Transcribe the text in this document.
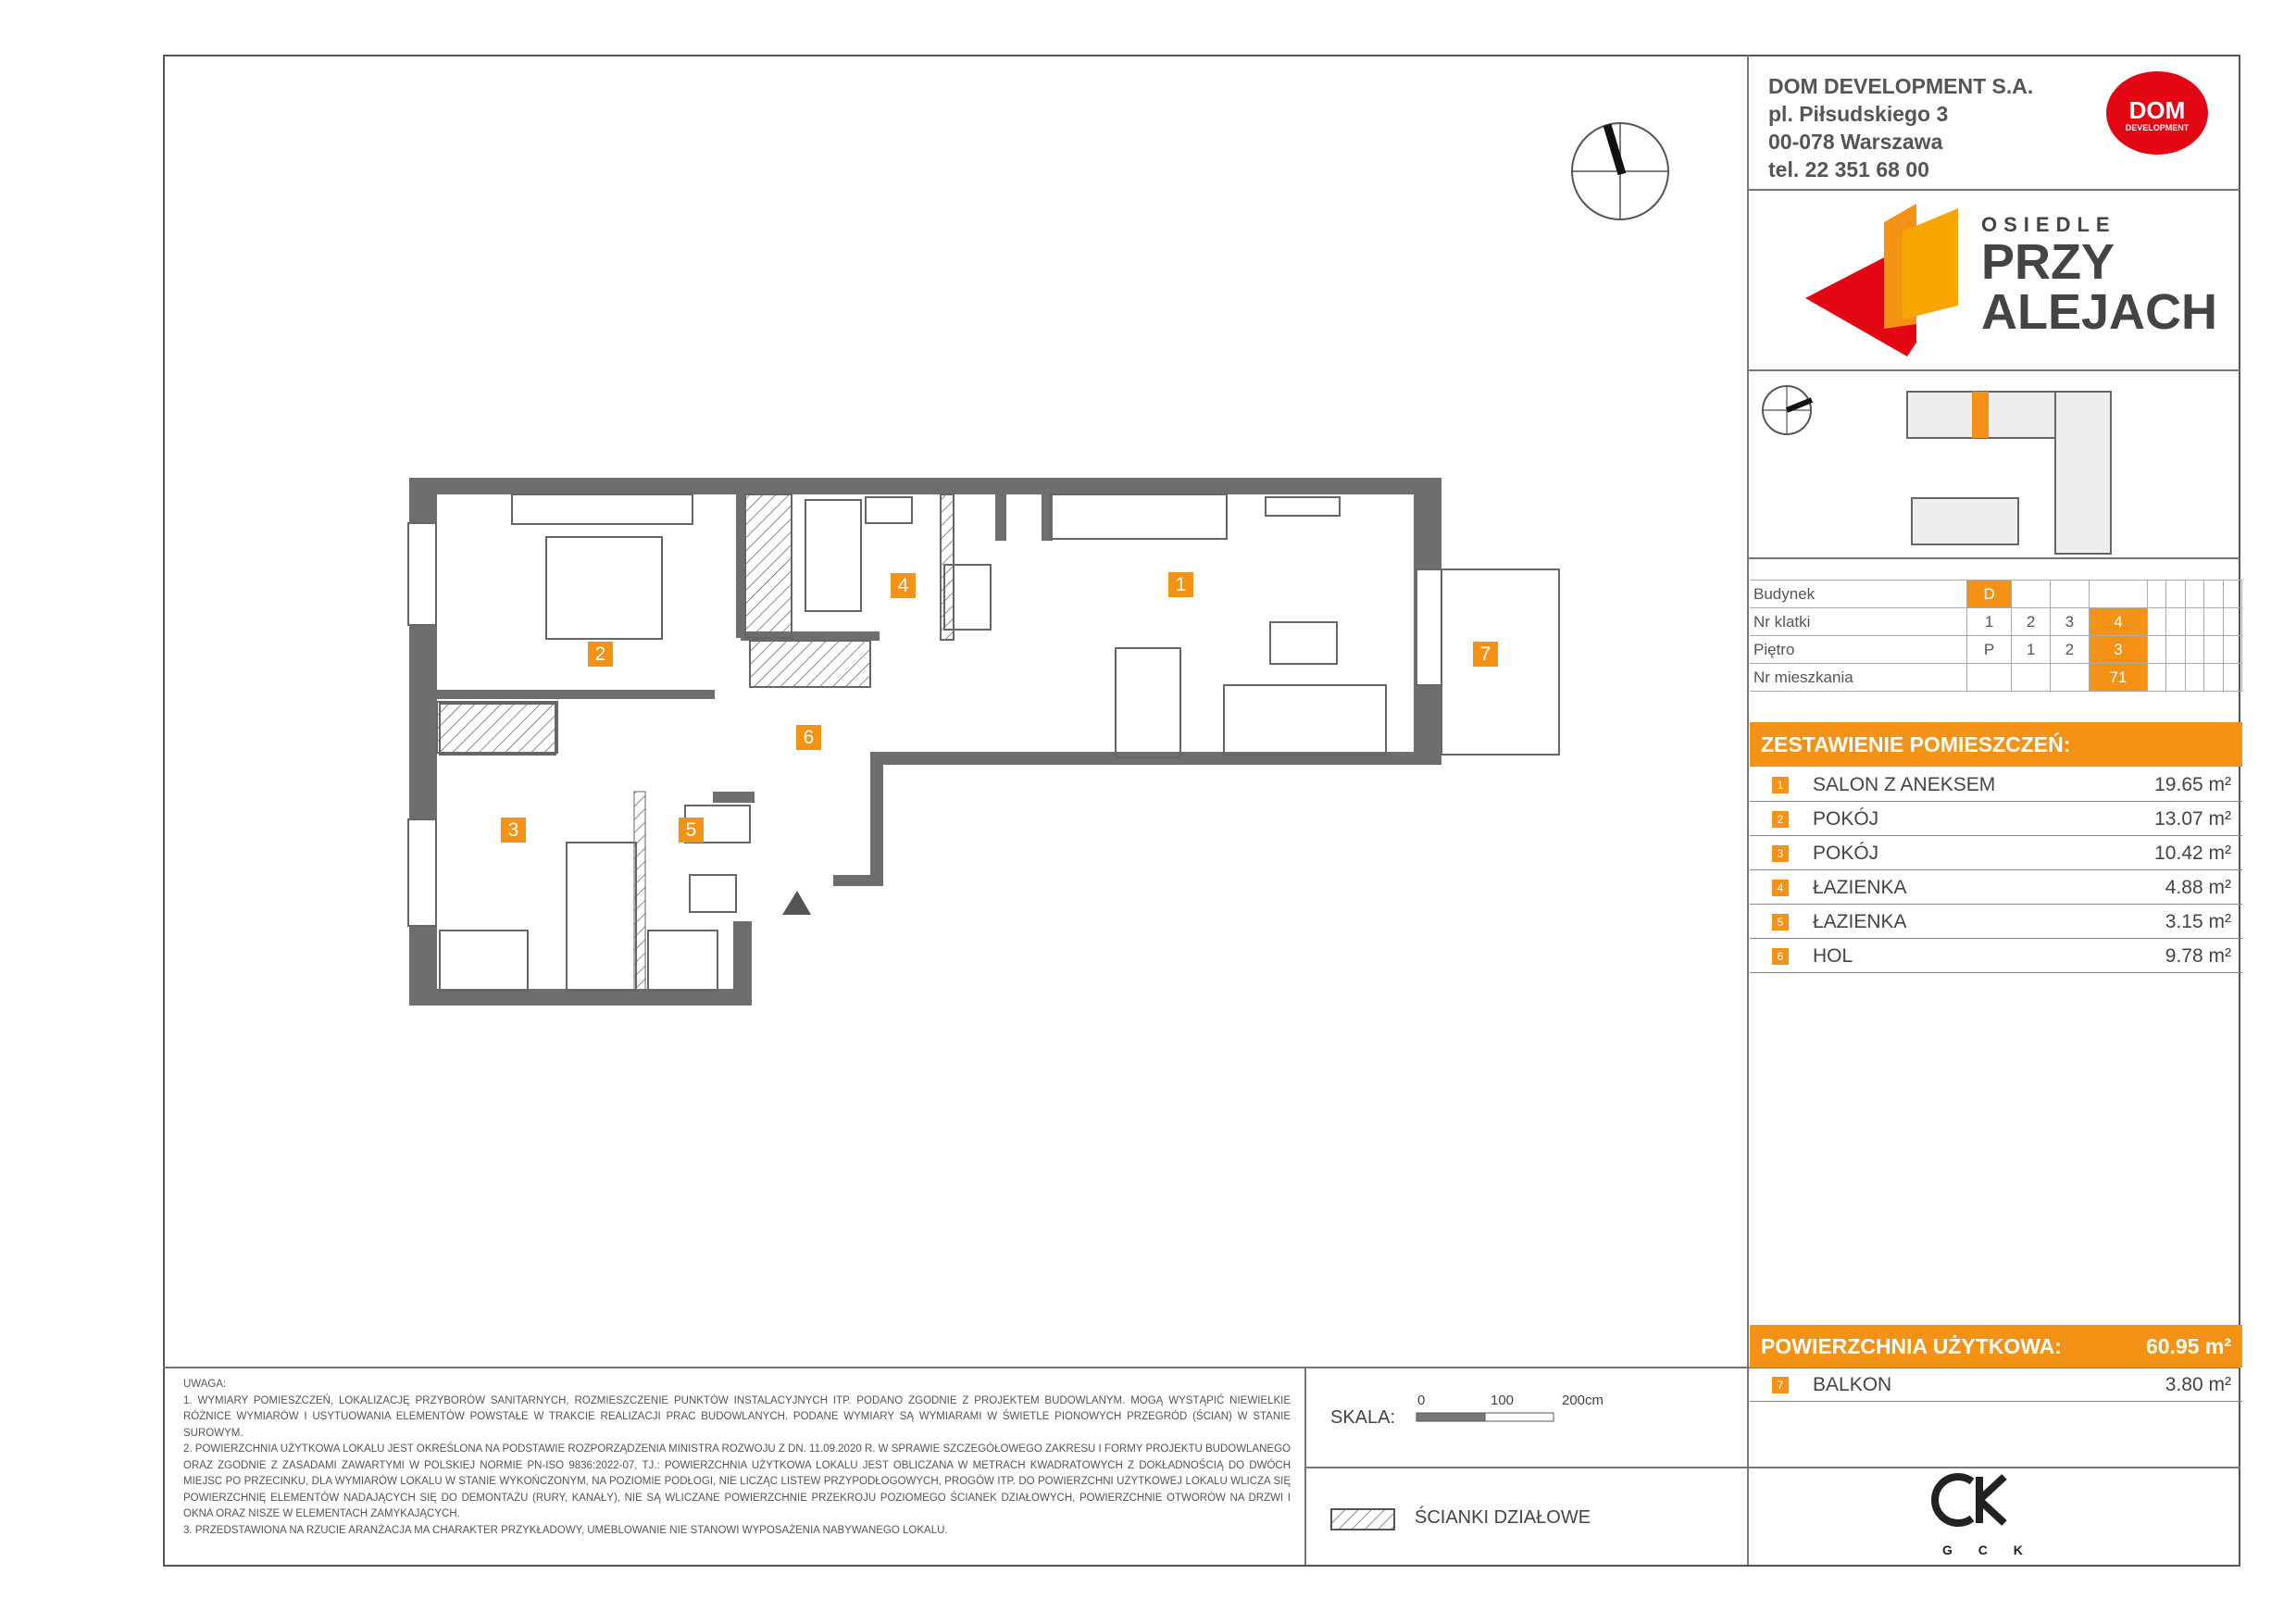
1
2
3
4
5
6
7
DOM DEVELOPMENT S.A.
pl. Piłsudskiego 3
00-078 Warszawa
tel. 22 351 68 00
DOM
DEVELOPMENT
OSIEDLE
PRZY
ALEJACH
Budynek	D								
Nr klatki	1	2	3	4					
Piętro	P	1	2	3					
Nr mieszkania				71					
ZESTAWIENIE POMIESZCZEŃ:
1 SALON Z ANEKSEM	19.65 m²
2 POKÓJ	13.07 m²
3 POKÓJ	10.42 m²
4 ŁAZIENKA	4.88 m²
5 ŁAZIENKA	3.15 m²
6 HOL	9.78 m²
POWIERZCHNIA UŻYTKOWA:	60.95 m²
7 BALKON	3.80 m²
SKALA:
0	100	200cm
ŚCIANKI DZIAŁOWE
G C K

UWAGA:

1. WYMIARY POMIESZCZEŃ, LOKALIZACJĘ PRZYBORÓW SANITARNYCH, ROZMIESZCZENIE PUNKTÓW INSTALACYJNYCH ITP. PODANO ZGODNIE Z PROJEKTEM BUDOWLANYM. MOGĄ WYSTĄPIĆ NIEWIELKIE RÓŻNICE WYMIARÓW I USYTUOWANIA ELEMENTÓW POWSTAŁE W TRAKCIE REALIZACJI PRAC BUDOWLANYCH. PODANE WYMIARY SĄ WYMIARAMI W ŚWIETLE PIONOWYCH PRZEGRÓD (ŚCIAN) W STANIE SUROWYM.

2. POWIERZCHNIA UŻYTKOWA LOKALU JEST OKREŚLONA NA PODSTAWIE ROZPORZĄDZENIA MINISTRA ROZWOJU Z DN. 11.09.2020 R. W SPRAWIE SZCZEGÓŁOWEGO ZAKRESU I FORMY PROJEKTU BUDOWLANEGO ORAZ ZGODNIE Z ZASADAMI ZAWARTYMI W POLSKIEJ NORMIE PN-ISO 9836:2022-07, TJ.: POWIERZCHNIA UŻYTKOWA LOKALU JEST OBLICZANA W METRACH KWADRATOWYCH Z DOKŁADNOŚCIĄ DO DWÓCH MIEJSC PO PRZECINKU, DLA WYMIARÓW LOKALU W STANIE WYKOŃCZONYM, NA POZIOMIE PODŁOGI, NIE LICZĄC LISTEW PRZYPODŁOGOWYCH, PROGÓW ITP. DO POWIERZCHNI UŻYTKOWEJ LOKALU WLICZA SIĘ POWIERZCHNIĘ ELEMENTÓW NADAJĄCYCH SIĘ DO DEMONTAŻU (RURY, KANAŁY), NIE SĄ WLICZANE POWIERZCHNIE PRZEKROJU POZIOMEGO ŚCIANEK DZIAŁOWYCH, POWIERZCHNIE OTWORÓW NA DRZWI I OKNA ORAZ NISZE W ELEMENTACH ZAMYKAJĄCYCH.

3. PRZEDSTAWIONA NA RZUCIE ARANŻACJA MA CHARAKTER PRZYKŁADOWY, UMEBLOWANIE NIE STANOWI WYPOSAŻENIA NABYWANEGO LOKALU.
